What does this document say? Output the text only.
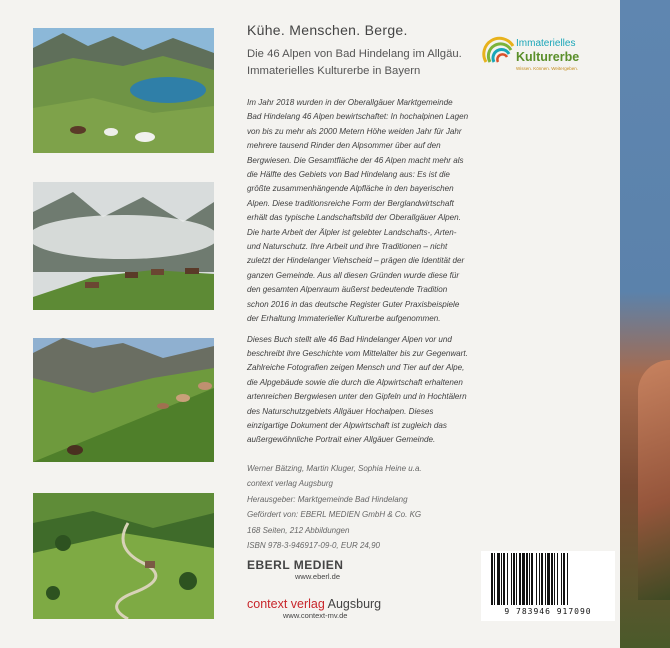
Kühe. Menschen. Berge.

Die 46 Alpen von Bad Hindelang im Allgäu.

Immaterielles Kulturerbe in Bayern

Immaterielles
Kulturerbe
Wissen. Können. Weitergeben.

Im Jahr 2018 wurden in der Oberallgäuer Marktgemeinde Bad Hindelang 46 Alpen bewirtschaftet: In hochalpinen Lagen von bis zu mehr als 2000 Metern Höhe weiden Jahr für Jahr mehrere tausend Rinder den Alpsommer über auf den Bergwiesen. Die Gesamtfläche der 46 Alpen macht mehr als die Hälfte des Gebiets von Bad Hindelang aus: Es ist die größte zusammenhängende Alpfläche in den bayerischen Alpen. Diese traditionsreiche Form der Berglandwirtschaft erhält das typische Landschaftsbild der Oberallgäuer Alpen. Die harte Arbeit der Älpler ist gelebter Landschafts-, Arten- und Naturschutz. Ihre Arbeit und ihre Traditionen – nicht zuletzt der Hindelanger Viehscheid – prägen die Identität der ganzen Gemeinde. Aus all diesen Gründen wurde diese für den gesamten Alpenraum äußerst bedeutende Tradition schon 2016 in das deutsche Register Guter Praxisbeispiele der Erhaltung Immaterieller Kulturerbe aufgenommen.

Dieses Buch stellt alle 46 Bad Hindelanger Alpen vor und beschreibt ihre Geschichte vom Mittelalter bis zur Gegenwart. Zahlreiche Fotografien zeigen Mensch und Tier auf der Alpe, die Alpgebäude sowie die durch die Alpwirtschaft erhaltenen artenreichen Bergwiesen unter den Gipfeln und in Hochtälern des Naturschutzgebiets Allgäuer Hochalpen. Dieses einzigartige Dokument der Alpwirtschaft ist zugleich das außergewöhnliche Portrait einer Allgäuer Gemeinde.

Werner Bätzing, Martin Kluger, Sophia Heine u.a.
context verlag Augsburg
Herausgeber: Marktgemeinde Bad Hindelang
Gefördert von: EBERL MEDIEN GmbH & Co. KG
168 Seiten, 212 Abbildungen
ISBN 978-3-946917-09-0, EUR 24,90
EBERL MEDIEN
www.eberl.de
context verlag Augsburg
www.context-mv.de	9 783946 917090
